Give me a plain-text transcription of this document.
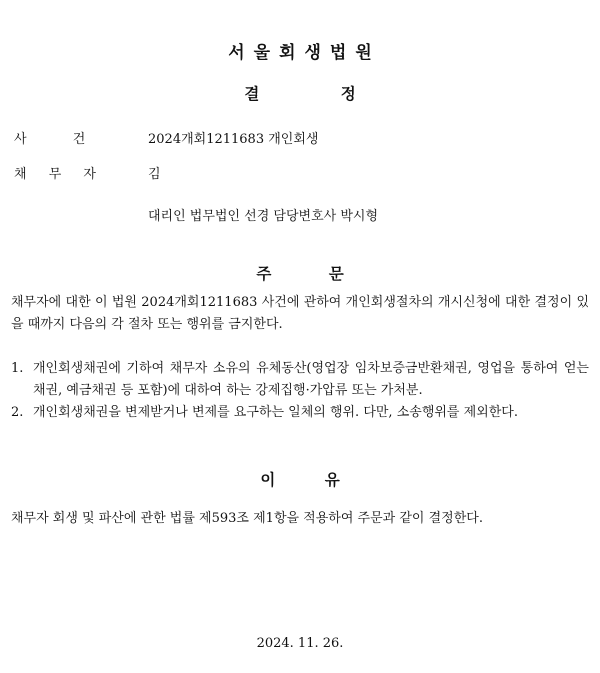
서울회생법원
결 정
사 건	2024개회1211683 개인회생
채 무 자	김
대리인 법무법인 선경 담당변호사 박시형
주 문
채무자에 대한 이 법원 2024개회1211683 사건에 관하여 개인회생절차의 개시신청에 대한 결정이 있을 때까지 다음의 각 절차 또는 행위를 금지한다.
1. 개인회생채권에 기하여 채무자 소유의 유체동산(영업장 임차보증금반환채권, 영업을 통하여 얻는 채권, 예금채권 등 포함)에 대하여 하는 강제집행·가압류 또는 가처분.
2. 개인회생채권을 변제받거나 변제를 요구하는 일체의 행위. 다만, 소송행위를 제외한다.
이 유
채무자 회생 및 파산에 관한 법률 제593조 제1항을 적용하여 주문과 같이 결정한다.
2024. 11. 26.
